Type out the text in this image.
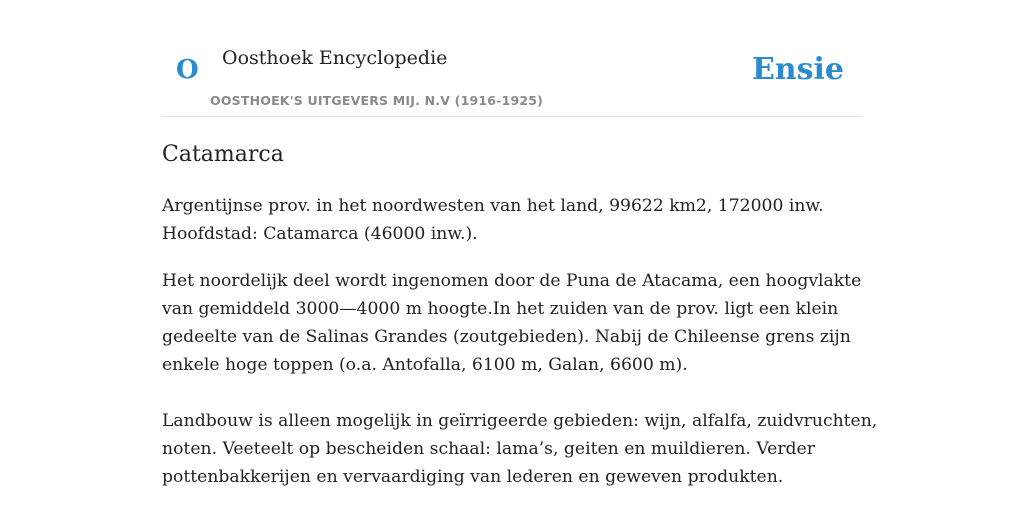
O Oosthoek Encyclopedie
OOSTHOEK'S UITGEVERS MIJ. N.V (1916-1925)
Ensie
Catamarca

Argentijnse prov. in het noordwesten van het land, 99622 km2, 172000 inw.
Hoofdstad: Catamarca (46000 inw.).

Het noordelijk deel wordt ingenomen door de Puna de Atacama, een hoogvlakte
van gemiddeld 3000—4000 m hoogte.In het zuiden van de prov. ligt een klein
gedeelte van de Salinas Grandes (zoutgebieden). Nabij de Chileense grens zijn
enkele hoge toppen (o.a. Antofalla, 6100 m, Galan, 6600 m).

Landbouw is alleen mogelijk in geïrrigeerde gebieden: wijn, alfalfa, zuidvruchten,
noten. Veeteelt op bescheiden schaal: lama’s, geiten en muildieren. Verder
pottenbakkerijen en vervaardiging van lederen en geweven produkten.
